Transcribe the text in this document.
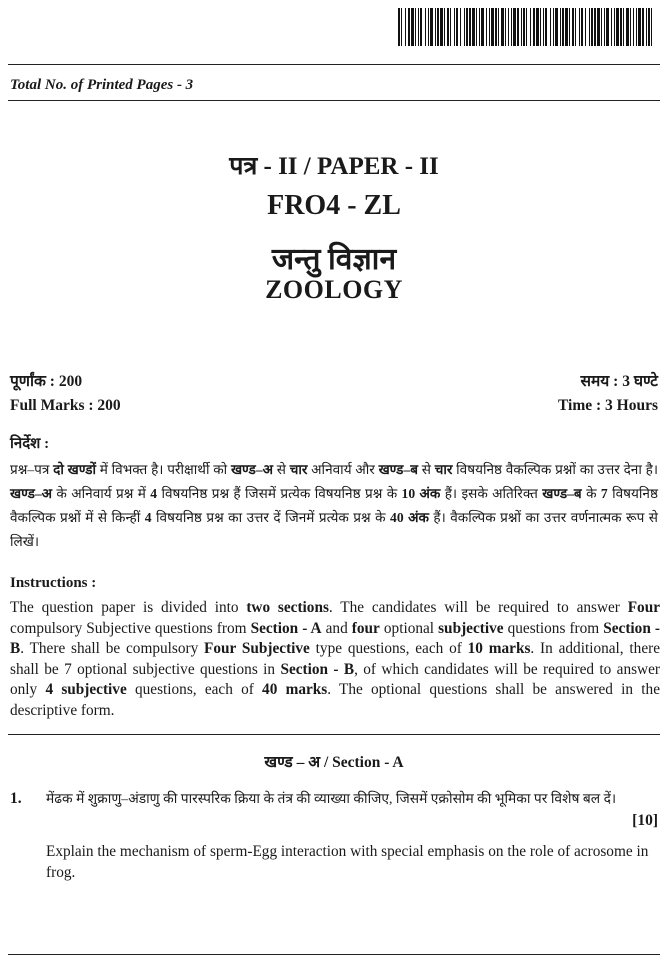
Total No. of Printed Pages - 3
पत्र - II / PAPER - II
FRO4 - ZL
जन्तु विज्ञान
ZOOLOGY
पूर्णांक : 200	समय : 3 घण्टे
Full Marks : 200	Time : 3 Hours
निर्देश :
प्रश्न–पत्र दो खण्डों में विभक्त है। परीक्षार्थी को खण्ड–अ से चार अनिवार्य और खण्ड–ब से चार विषयनिष्ठ वैकल्पिक प्रश्नों का उत्तर देना है। खण्ड–अ के अनिवार्य प्रश्न में 4 विषयनिष्ठ प्रश्न हैं जिसमें प्रत्येक विषयनिष्ठ प्रश्न के 10 अंक हैं। इसके अतिरिक्त खण्ड–ब के 7 विषयनिष्ठ वैकल्पिक प्रश्नों में से किन्हीं 4 विषयनिष्ठ प्रश्न का उत्तर दें जिनमें प्रत्येक प्रश्न के 40 अंक हैं। वैकल्पिक प्रश्नों का उत्तर वर्णनात्मक रूप से लिखें।
Instructions :
The question paper is divided into two sections. The candidates will be required to answer Four compulsory Subjective questions from Section - A and four optional subjective questions from Section - B. There shall be compulsory Four Subjective type questions, each of 10 marks. In additional, there shall be 7 optional subjective questions in Section - B, of which candidates will be required to answer only 4 subjective questions, each of 40 marks. The optional questions shall be answered in the descriptive form.
खण्ड – अ / Section - A
1. मेंढक में शुक्राणु–अंडाणु की पारस्परिक क्रिया के तंत्र की व्याख्या कीजिए, जिसमें एक्रोसोम की भूमिका पर विशेष बल दें।
[10]
Explain the mechanism of sperm-Egg interaction with special emphasis on the role of acrosome in frog.
